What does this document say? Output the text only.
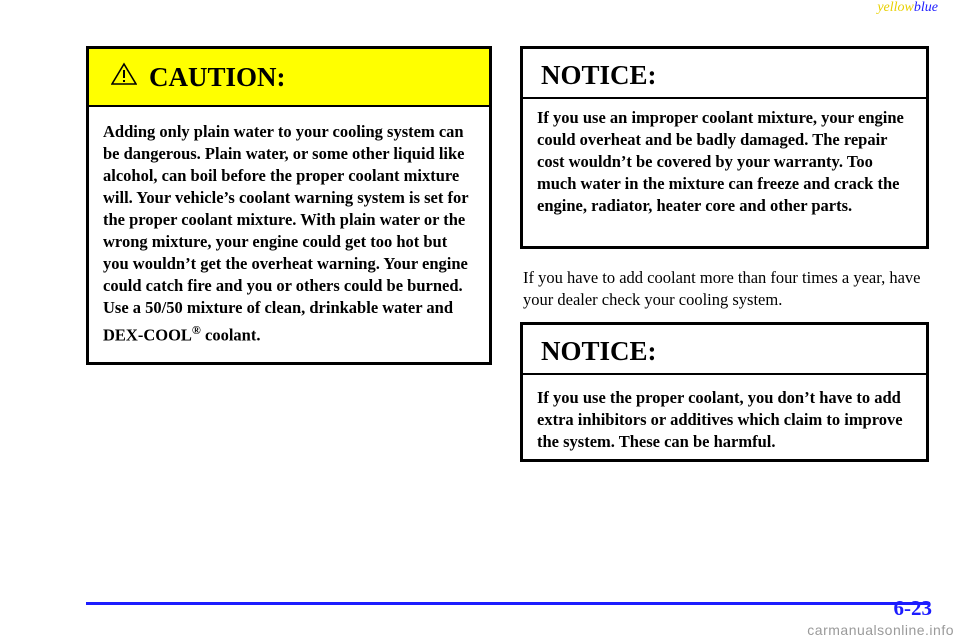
yellowblue
CAUTION:
Adding only plain water to your cooling system can be dangerous. Plain water, or some other liquid like alcohol, can boil before the proper coolant mixture will. Your vehicle’s coolant warning system is set for the proper coolant mixture. With plain water or the wrong mixture, your engine could get too hot but you wouldn’t get the overheat warning. Your engine could catch fire and you or others could be burned. Use a 50/50 mixture of clean, drinkable water and DEX-COOL® coolant.
NOTICE:
If you use an improper coolant mixture, your engine could overheat and be badly damaged. The repair cost wouldn’t be covered by your warranty. Too much water in the mixture can freeze and crack the engine, radiator, heater core and other parts.
If you have to add coolant more than four times a year, have your dealer check your cooling system.
NOTICE:
If you use the proper coolant, you don’t have to add extra inhibitors or additives which claim to improve the system. These can be harmful.
6-23
carmanualsonline.info
